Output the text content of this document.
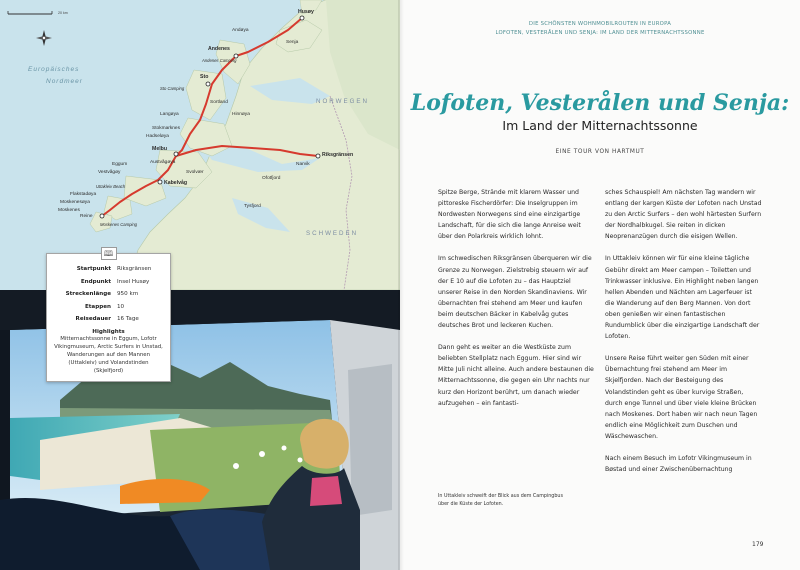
20 km
Europäisches
Nordmeer
NORWEGEN
SCHWEDEN
Husøy
Andenes
Sto
Melbu
Kabelvåg
Riksgränsen
Moskenes
Narvik
Andenes Camping
Sto Camping
Uttakleiv Beach
Moskenes Camping
Senja
Andøya
Langøya
Hadseløya
Austvågøya
Vestvågøy
Flakstadøya
Moskenesøya
Hinnøya
Ofotfjord
Tysfjord
Sortland
Stokmarknes
Svolvær
Eggum
Reine
🕮
Startpunkt	Riksgränsen
Endpunkt	Insel Husøy
Streckenlänge	950 km
Etappen	10
Reisedauer	16 Tage
Highlights
Mitternachtssonne in Eggum, Lofotr Vikingmuseum, Arctic Surfers in Unstad, Wanderungen auf den Mannen (Uttakleiv) und Volandstinden (Skjelfjord)
DIE SCHÖNSTEN WOHNMOBILROUTEN IN EUROPA
LOFOTEN, VESTERÅLEN UND SENJA: IM LAND DER MITTERNACHTSSONNE
Lofoten, Vesterålen und Senja:
Im Land der Mitternachtssonne
EINE TOUR VON HARTMUT

Spitze Berge, Strände mit klarem Wasser und pittoreske Fischerdörfer: Die Inselgruppen im Nordwesten Norwegens sind eine einzigartige Landschaft, für die sich die lange Anreise weit über den Polarkreis wirklich lohnt.

Im schwedischen Riksgränsen überqueren wir die Grenze zu Norwegen. Zielstrebig steuern wir auf der E 10 auf die Lofoten zu – das Hauptziel unserer Reise in den Norden Skandinaviens. Wir übernachten frei stehend am Meer und kaufen beim deutschen Bäcker in Kabelvåg gutes deutsches Brot und leckeren Kuchen.

Dann geht es weiter an die Westküste zum beliebten Stellplatz nach Eggum. Hier sind wir Mitte Juli nicht alleine. Auch andere bestaunen die Mitternachtssonne, die gegen ein Uhr nachts nur kurz den Horizont berührt, um danach wieder aufzugehen – ein fantasti-

sches Schauspiel! Am nächsten Tag wandern wir entlang der kargen Küste der Lofoten nach Unstad zu den Arctic Surfers – den wohl härtesten Surfern der Nordhalbkugel. Sie reiten in dicken Neoprenanzügen durch die eisigen Wellen.

In Uttakleiv können wir für eine kleine tägliche Gebühr direkt am Meer campen – Toiletten und Trinkwasser inklusive. Ein Highlight neben langen hellen Abenden und Nächten am Lagerfeuer ist die Wanderung auf den Berg Mannen. Von dort oben genießen wir einen fantastischen Rundumblick über die einzigartige Landschaft der Lofoten.

Unsere Reise führt weiter gen Süden mit einer Übernachtung frei stehend am Meer im Skjelfjorden. Nach der Besteigung des Volandstinden geht es über kurvige Straßen, durch enge Tunnel und über viele kleine Brücken nach Moskenes. Dort haben wir nach neun Tagen endlich eine Möglichkeit zum Duschen und Wäschewaschen.

Nach einem Besuch im Lofotr Vikingmuseum in Bøstad und einer Zwischenübernachtung

In Uttakleiv schweift der Blick aus dem Campingbus über die Küste der Lofoten.
179
